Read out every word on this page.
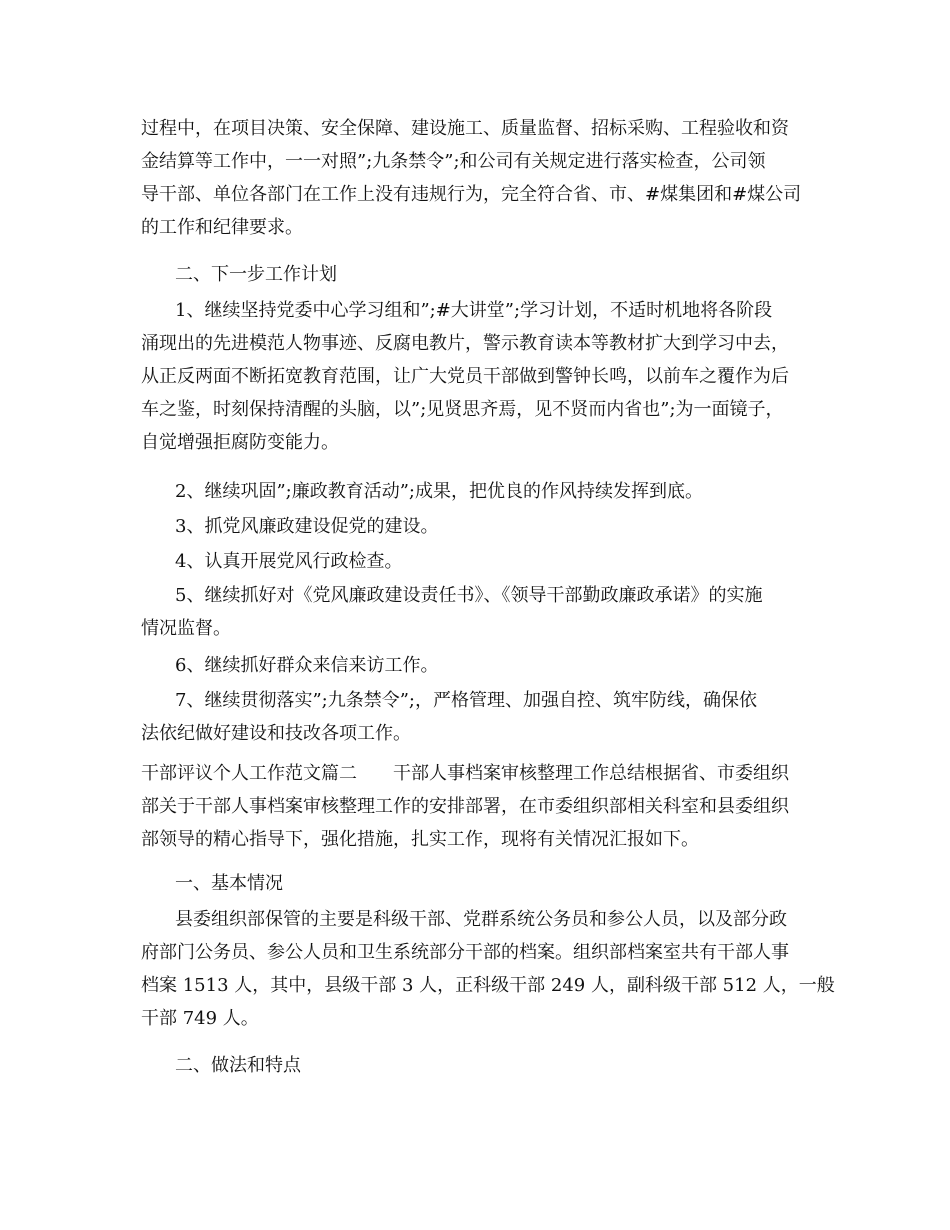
过程中，在项目决策、安全保障、建设施工、质量监督、招标采购、工程验收和资
金结算等工作中，一一对照”;九条禁令”;和公司有关规定进行落实检查，公司领
导干部、单位各部门在工作上没有违规行为，完全符合省、市、#煤集团和#煤公司
的工作和纪律要求。
二、下一步工作计划
1、继续坚持党委中心学习组和”;#大讲堂”;学习计划，不适时机地将各阶段
涌现出的先进模范人物事迹、反腐电教片，警示教育读本等教材扩大到学习中去，
从正反两面不断拓宽教育范围，让广大党员干部做到警钟长鸣，以前车之覆作为后
车之鉴，时刻保持清醒的头脑，以”;见贤思齐焉，见不贤而内省也”;为一面镜子，
自觉增强拒腐防变能力。
2、继续巩固”;廉政教育活动”;成果，把优良的作风持续发挥到底。
3、抓党风廉政建设促党的建设。
4、认真开展党风行政检查。
5、继续抓好对《党风廉政建设责任书》、《领导干部勤政廉政承诺》的实施
情况监督。
6、继续抓好群众来信来访工作。
7、继续贯彻落实”;九条禁令”;，严格管理、加强自控、筑牢防线，确保依
法依纪做好建设和技改各项工作。
干部评议个人工作范文篇二　　干部人事档案审核整理工作总结根据省、市委组织
部关于干部人事档案审核整理工作的安排部署，在市委组织部相关科室和县委组织
部领导的精心指导下，强化措施，扎实工作，现将有关情况汇报如下。
一、基本情况
县委组织部保管的主要是科级干部、党群系统公务员和参公人员，以及部分政
府部门公务员、参公人员和卫生系统部分干部的档案。组织部档案室共有干部人事
档案 1513 人，其中，县级干部 3 人，正科级干部 249 人，副科级干部 512 人，一般
干部 749 人。
二、做法和特点
